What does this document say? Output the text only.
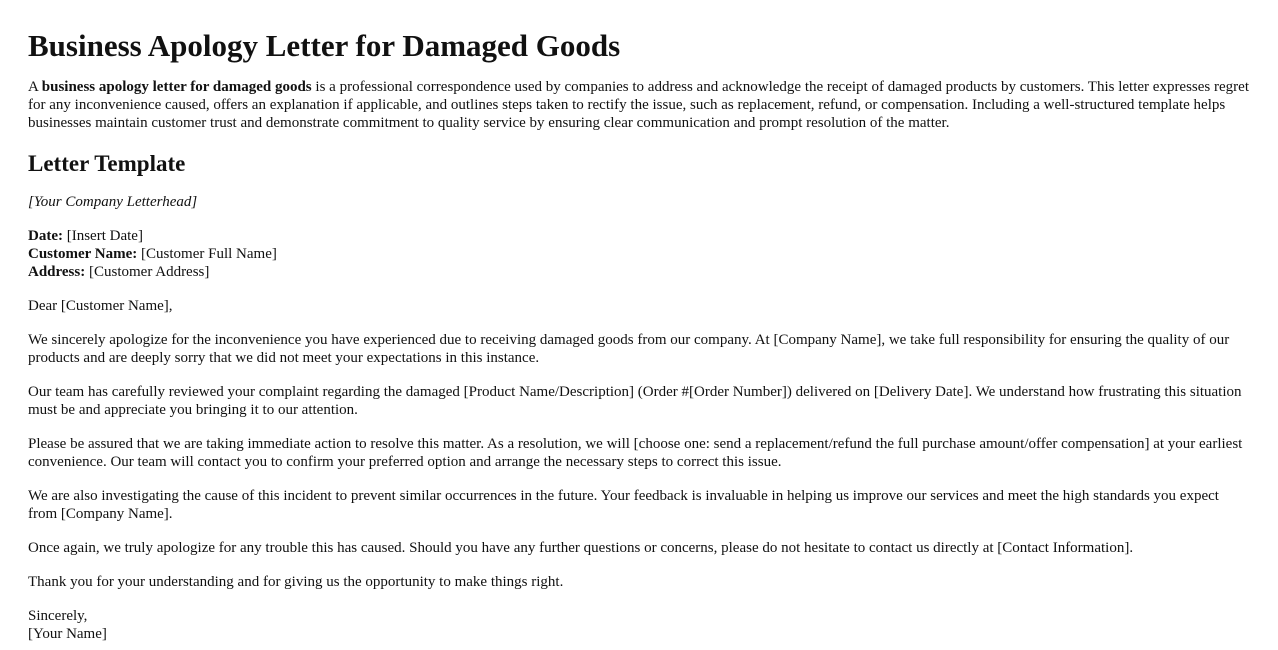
Business Apology Letter for Damaged Goods

A business apology letter for damaged goods is a professional correspondence used by companies to address and acknowledge the receipt of damaged products by customers. This letter expresses regret for any inconvenience caused, offers an explanation if applicable, and outlines steps taken to rectify the issue, such as replacement, refund, or compensation. Including a well-structured template helps businesses maintain customer trust and demonstrate commitment to quality service by ensuring clear communication and prompt resolution of the matter.

Letter Template

[Your Company Letterhead]

Date: [Insert Date]
Customer Name: [Customer Full Name]
Address: [Customer Address]

Dear [Customer Name],

We sincerely apologize for the inconvenience you have experienced due to receiving damaged goods from our company. At [Company Name], we take full responsibility for ensuring the quality of our products and are deeply sorry that we did not meet your expectations in this instance.

Our team has carefully reviewed your complaint regarding the damaged [Product Name/Description] (Order #[Order Number]) delivered on [Delivery Date]. We understand how frustrating this situation must be and appreciate you bringing it to our attention.

Please be assured that we are taking immediate action to resolve this matter. As a resolution, we will [choose one: send a replacement/refund the full purchase amount/offer compensation] at your earliest convenience. Our team will contact you to confirm your preferred option and arrange the necessary steps to correct this issue.

We are also investigating the cause of this incident to prevent similar occurrences in the future. Your feedback is invaluable in helping us improve our services and meet the high standards you expect from [Company Name].

Once again, we truly apologize for any trouble this has caused. Should you have any further questions or concerns, please do not hesitate to contact us directly at [Contact Information].

Thank you for your understanding and for giving us the opportunity to make things right.

Sincerely,
[Your Name]
